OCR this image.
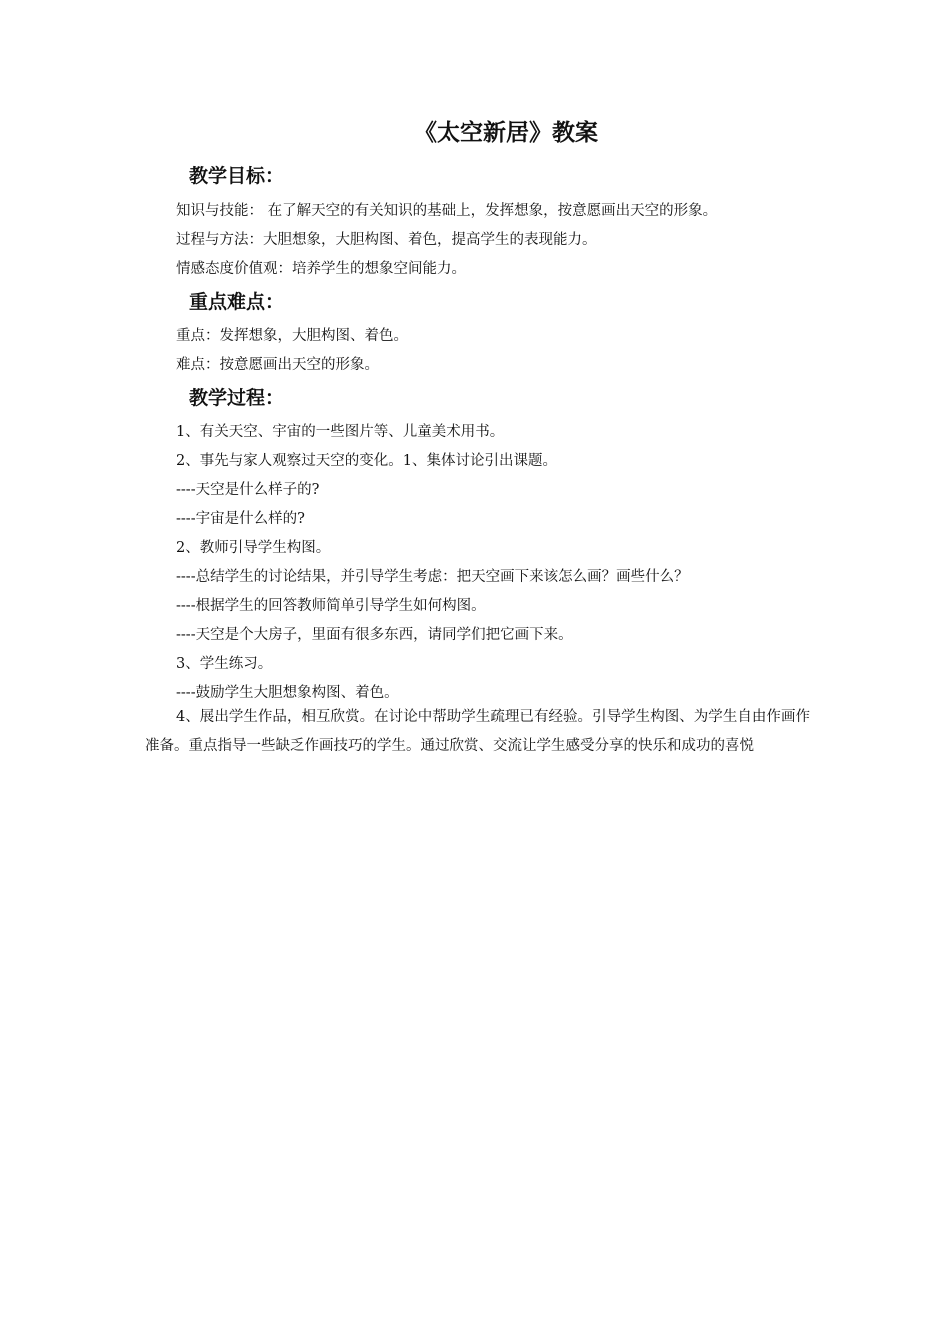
《太空新居》教案
教学目标：
知识与技能： 在了解天空的有关知识的基础上，发挥想象，按意愿画出天空的形象。
过程与方法：大胆想象，大胆构图、着色，提高学生的表现能力。
情感态度价值观：培养学生的想象空间能力。
重点难点：
重点：发挥想象，大胆构图、着色。
难点：按意愿画出天空的形象。
教学过程：
1、有关天空、宇宙的一些图片等、儿童美术用书。
2、事先与家人观察过天空的变化。1、集体讨论引出课题。
----天空是什么样子的?
----宇宙是什么样的?
2、教师引导学生构图。
----总结学生的讨论结果，并引导学生考虑：把天空画下来该怎么画？画些什么？
----根据学生的回答教师简单引导学生如何构图。
----天空是个大房子，里面有很多东西，请同学们把它画下来。
3、学生练习。
----鼓励学生大胆想象构图、着色。
4、展出学生作品，相互欣赏。在讨论中帮助学生疏理已有经验。引导学生构图、为学生自由作画作准备。重点指导一些缺乏作画技巧的学生。通过欣赏、交流让学生感受分享的快乐和成功的喜悦
